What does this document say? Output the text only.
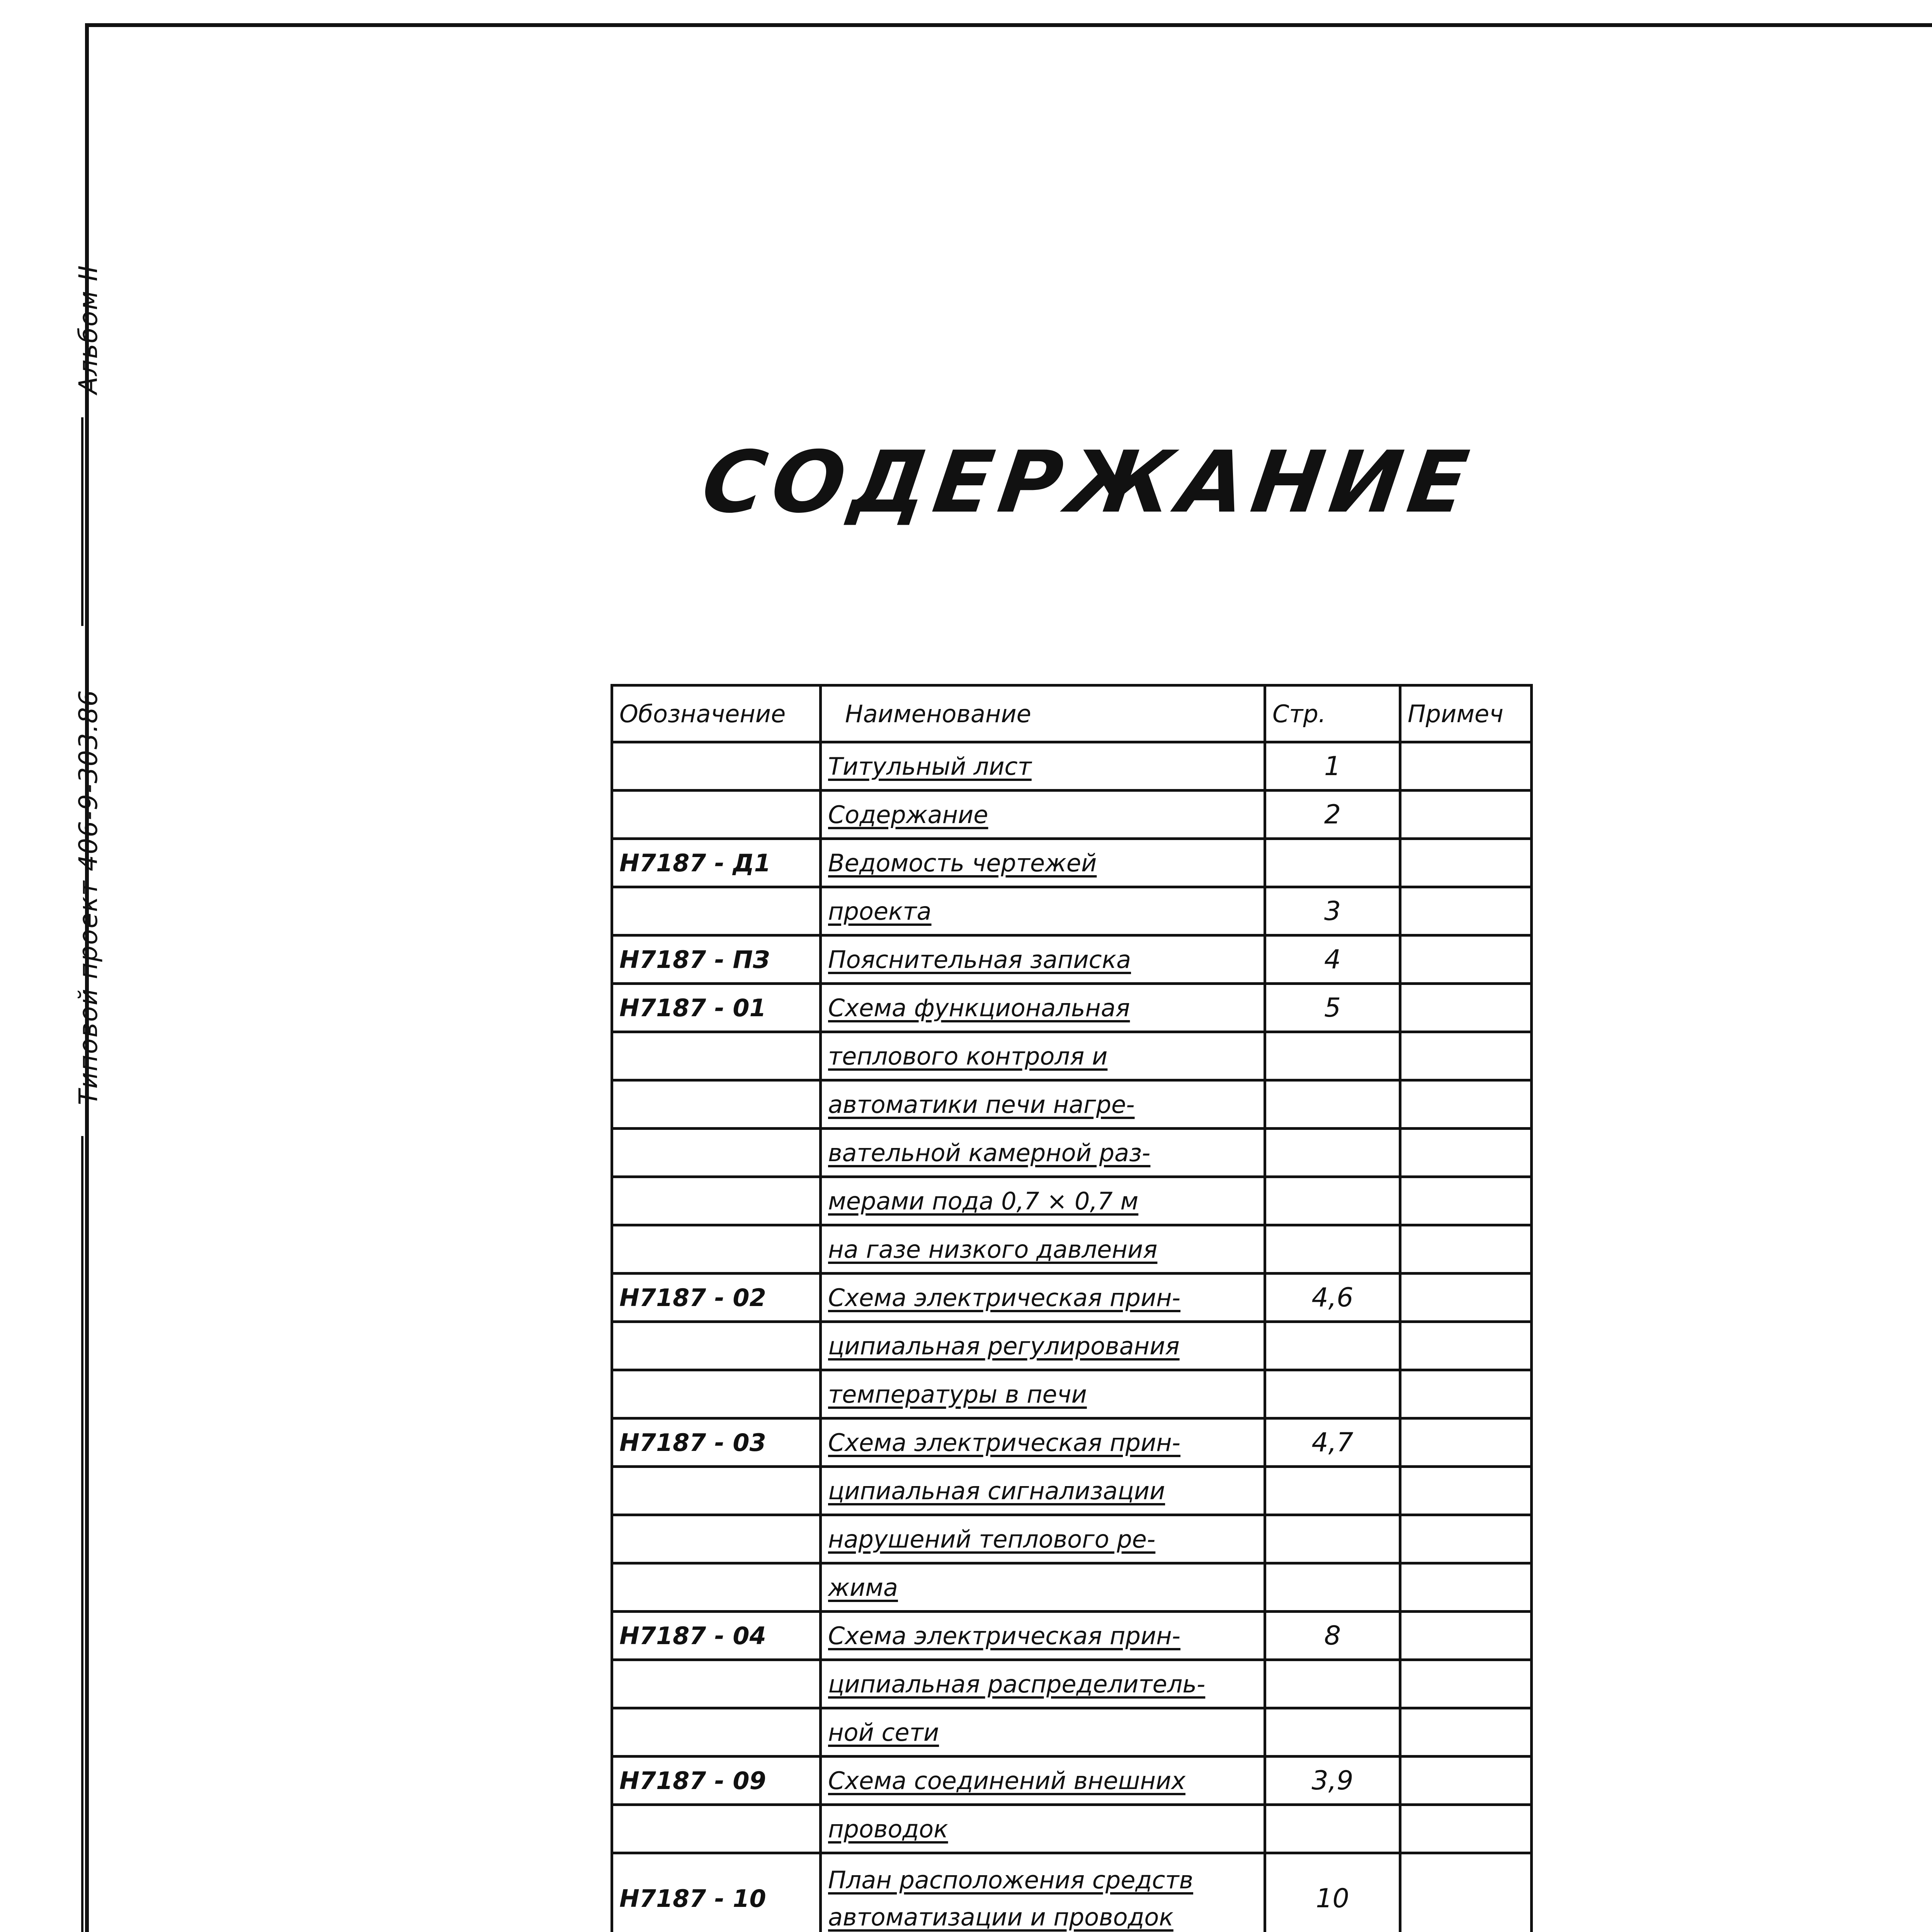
Альбом II
Типовой проект 406-9-303.86
СОДЕРЖАНИЕ
Обозначение	Наименование	Стр.	Примеч
	Титульный лист	1	
	Содержание	2	
Н7187 - Д1	Ведомость чертежей		
	проекта	3	
Н7187 - ПЗ	Пояснительная записка	4	
Н7187 - 01	Схема функциональная	5	
	теплового контроля и		
	автоматики печи нагре-		
	вательной камерной раз-		
	мерами пода 0,7 × 0,7 м		
	на газе низкого давления		
Н7187 - 02	Схема электрическая прин-	4,6	
	ципиальная регулирования		
	температуры в печи		
Н7187 - 03	Схема электрическая прин-	4,7	
	ципиальная сигнализации		
	нарушений теплового ре-		
	жима		
Н7187 - 04	Схема электрическая прин-	8	
	ципиальная распределитель-		
	ной сети		
Н7187 - 09	Схема соединений внешних	3,9	
	проводок		
Н7187 - 10	План расположения средств автоматизации и проводок	10	
